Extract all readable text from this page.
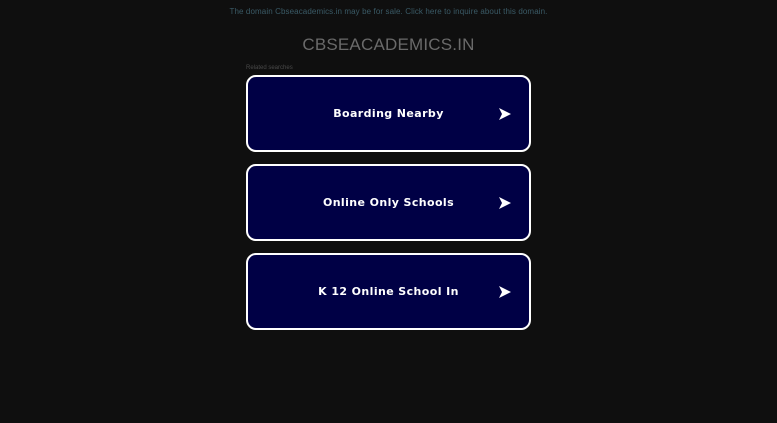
The domain Cbseacademics.in may be for sale. Click here to inquire about this domain.
CBSEACADEMICS.IN
Related searches
Boarding Nearby
Online Only Schools
K 12 Online School In
